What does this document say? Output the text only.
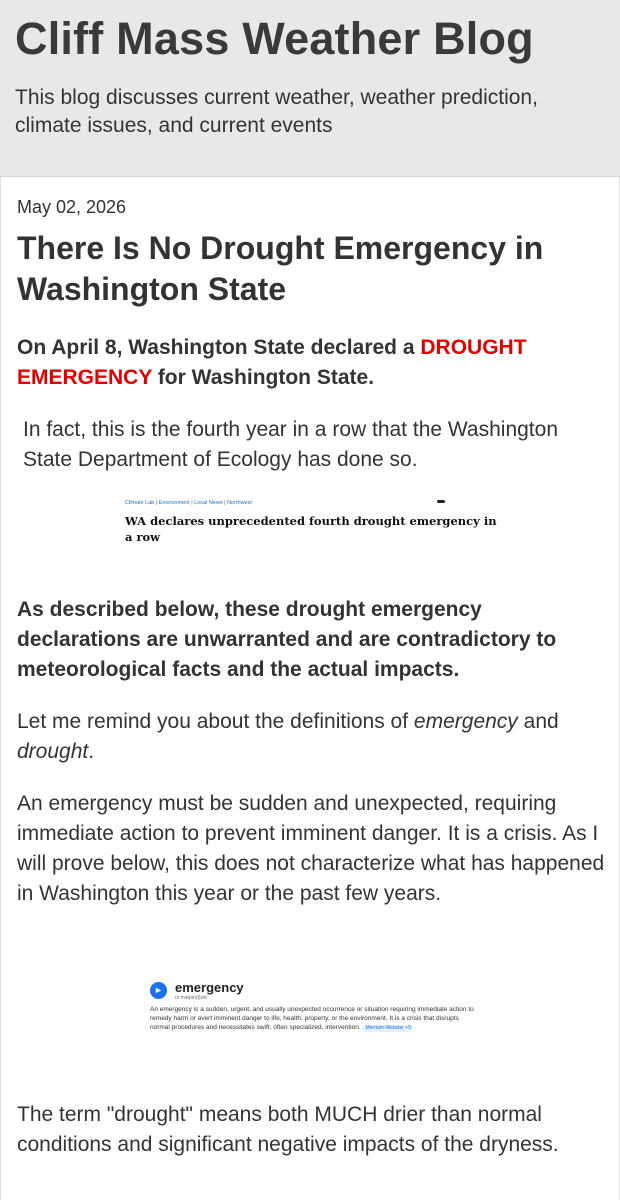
Cliff Mass Weather Blog

This blog discusses current weather, weather prediction, climate issues, and current events

May 02, 2026
There Is No Drought Emergency in Washington State

On April 8, Washington State declared a DROUGHT EMERGENCY for Washington State.

In fact, this is the fourth year in a row that the Washington State Department of Ecology has done so.

Climate Lab | Environment | Local News | Northwest
WA declares unprecedented fourth drought emergency in a row

As described below, these drought emergency declarations are unwarranted and are contradictory to meteorological facts and the actual impacts.

Let me remind you about the definitions of emergency and drought.

An emergency must be sudden and unexpected, requiring immediate action to prevent imminent danger. It is a crisis. As I will prove below, this does not characterize what has happened in Washington this year or the past few years.

► emergency
/ə mərjən(t)sē/
An emergency is a sudden, urgent, and usually unexpected occurrence or situation requiring immediate action to remedy harm or avert imminent danger to life, health, property, or the environment. It is a crisis that disrupts normal procedures and necessitates swift, often specialized, intervention. Merriam-Webster +5

The term "drought" means both MUCH drier than normal conditions and significant negative impacts of the dryness.
